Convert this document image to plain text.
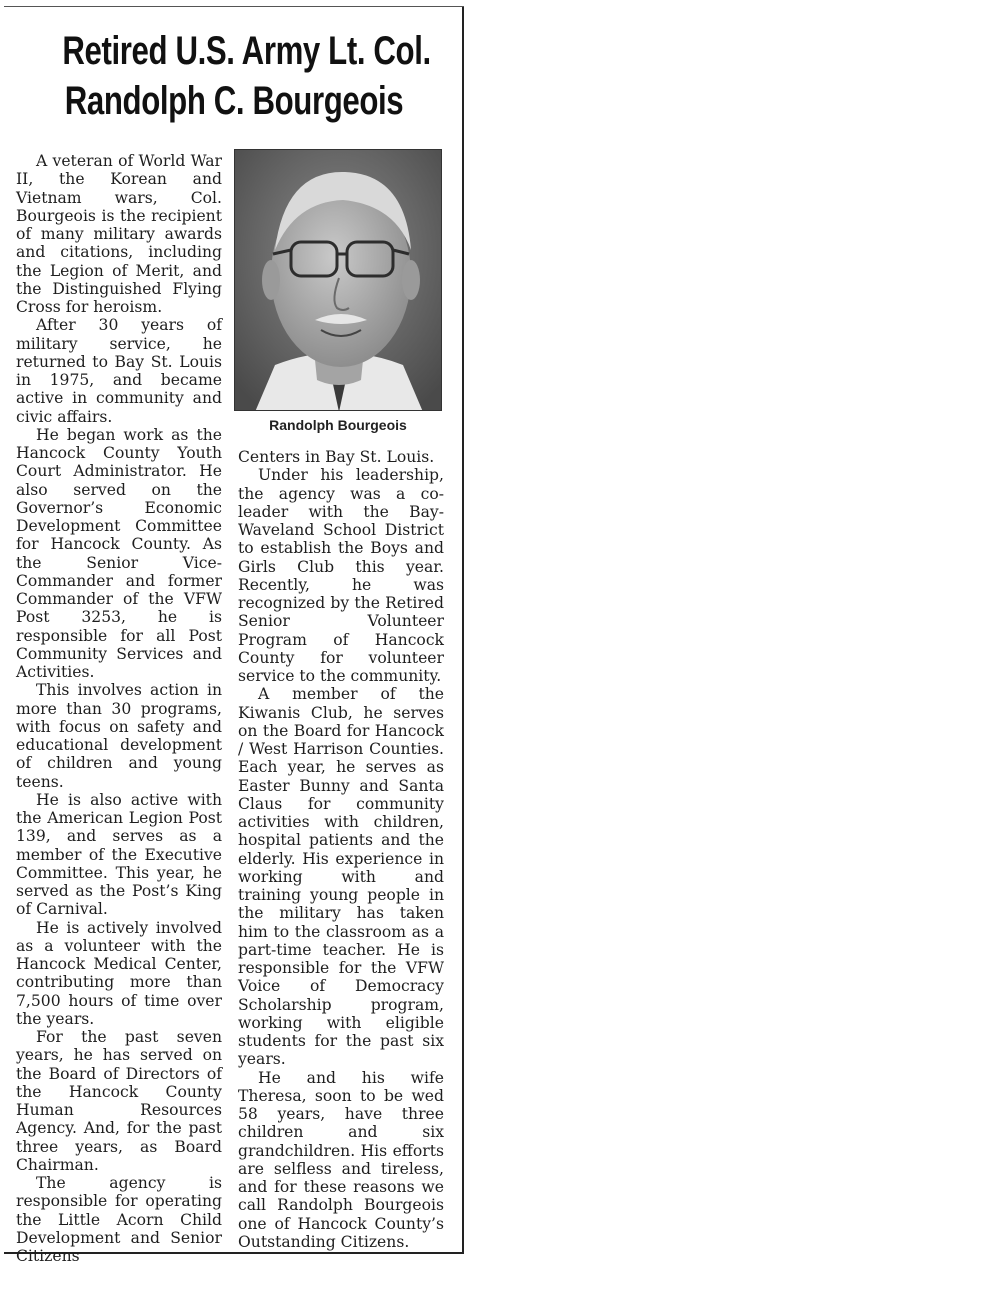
Retired U.S. Army Lt. Col.
Randolph C. Bourgeois

A veteran of World War II, the Korean and Vietnam wars, Col. Bourgeois is the recipient of many military awards and citations, including the Legion of Merit, and the Distinguished Flying Cross for heroism.

After 30 years of military service, he returned to Bay St. Louis in 1975, and became active in community and civic affairs.

He began work as the Hancock County Youth Court Administrator. He also served on the Governor’s Economic Development Committee for Hancock County. As the Senior Vice-Commander and former Commander of the VFW Post 3253, he is responsible for all Post Community Services and Activities.

This involves action in more than 30 programs, with focus on safety and educational development of children and young teens.

He is also active with the American Legion Post 139, and serves as a member of the Executive Committee. This year, he served as the Post’s King of Carnival.

He is actively involved as a volunteer with the Hancock Medical Center, contributing more than 7,500 hours of time over the years.

For the past seven years, he has served on the Board of Directors of the Hancock County Human Resources Agency. And, for the past three years, as Board Chairman.

The agency is responsible for operating the Little Acorn Child Development and Senior Citizens

Randolph Bourgeois

Centers in Bay St. Louis.

Under his leadership, the agency was a co-leader with the Bay-Waveland School District to establish the Boys and Girls Club this year. Recently, he was recognized by the Retired Senior Volunteer Program of Hancock County for volunteer service to the community.

A member of the Kiwanis Club, he serves on the Board for Hancock / West Harrison Counties. Each year, he serves as Easter Bunny and Santa Claus for community activities with children, hospital patients and the elderly. His experience in working with and training young people in the military has taken him to the classroom as a part-time teacher. He is responsible for the VFW Voice of Democracy Scholarship program, working with eligible students for the past six years.

He and his wife Theresa, soon to be wed 58 years, have three children and six grandchildren. His efforts are selfless and tireless, and for these reasons we call Randolph Bourgeois one of Hancock County’s Outstanding Citizens.
